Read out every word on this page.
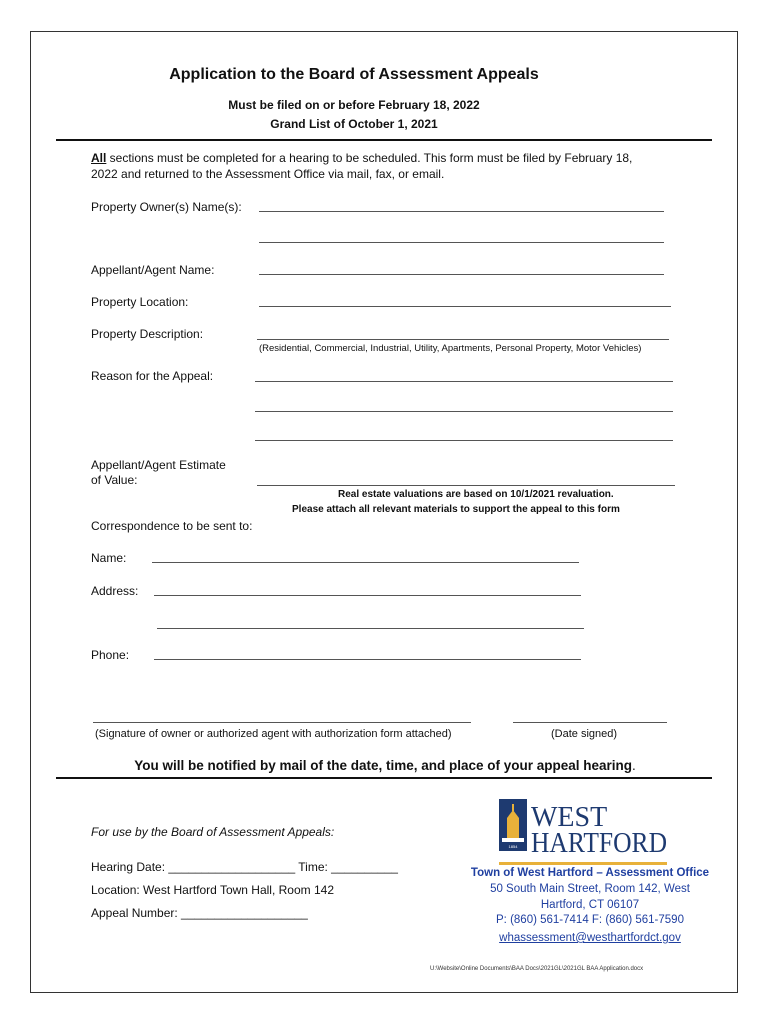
Application to the Board of Assessment Appeals
Must be filed on or before February 18, 2022
Grand List of October 1, 2021
All sections must be completed for a hearing to be scheduled. This form must be filed by February 18,
2022 and returned to the Assessment Office via mail, fax, or email.
Property Owner(s) Name(s):
Appellant/Agent Name:
Property Location:
Property Description:
(Residential, Commercial, Industrial, Utility, Apartments, Personal Property, Motor Vehicles)
Reason for the Appeal:
Appellant/Agent Estimate
of Value:
Real estate valuations are based on 10/1/2021 revaluation.
Please attach all relevant materials to support the appeal to this form
Correspondence to be sent to:
Name:
Address:
Phone:
(Signature of owner or authorized agent with authorization form attached)	(Date signed)
You will be notified by mail of the date, time, and place of your appeal hearing.
For use by the Board of Assessment Appeals:
Hearing Date: ___________________ Time: __________
Location: West Hartford Town Hall, Room 142
Appeal Number: ___________________
1854
WEST
HARTFORD
Town of West Hartford – Assessment Office
50 South Main Street, Room 142, West
Hartford, CT 06107
P: (860) 561-7414 F: (860) 561-7590
whassessment@westhartfordct.gov
U:\Website\Online Documents\BAA Docs\2021GL\2021GL BAA Application.docx
